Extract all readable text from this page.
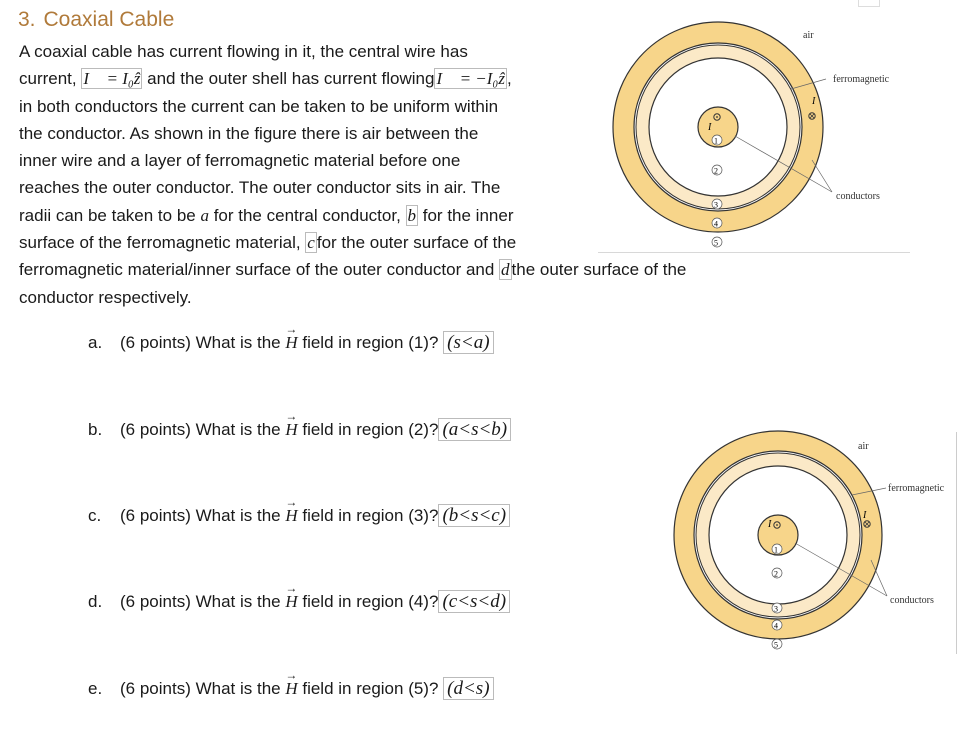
3. Coaxial Cable
A coaxial cable has current flowing in it, the central wire has
current, I⃗ = I₀ẑ and the outer shell has current flowing I⃗ = −I₀ẑ ,
in both conductors the current can be taken to be uniform within
the conductor. As shown in the figure there is air between the
inner wire and a layer of ferromagnetic material before one
reaches the outer conductor. The outer conductor sits in air. The
radii can be taken to be a for the central conductor, b for the inner
surface of the ferromagnetic material, c for the outer surface of the
ferromagnetic material/inner surface of the outer conductor and d the outer surface of the
conductor respectively.
a. (6 points) What is the → H field in region (1)? (s<a)
b. (6 points) What is the → H field in region (2)? (a<s<b)
c. (6 points) What is the → H field in region (3)? (b<s<c)
d. (6 points) What is the → H field in region (4)? (c<s<d)
e. (6 points) What is the → H field in region (5)? (d<s)
I
1
2
3
4
5
I
air
ferromagnetic
conductors
I
1
2
3
4
5
I
air
ferromagnetic
conductors
